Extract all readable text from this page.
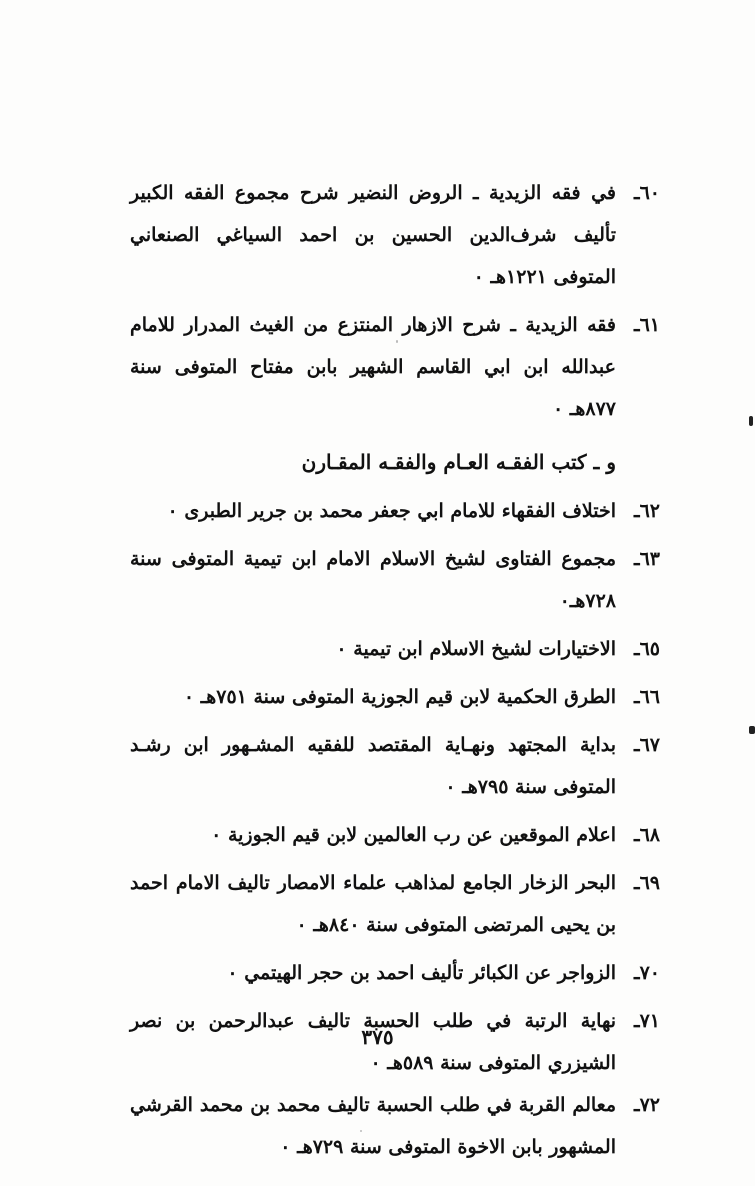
٦٠ـ
في فقه الزيدية ـ الروض النضير شرح مجموع الفقه الكبير تأليف شرف‌الدين الحسين بن احمد السياغي الصنعاني المتوفى ١٢٢١هـ ٠
٦١ـ
فقه الزيدية ـ شرح الازهار المنتزع من الغيث المدرار للامام عبدالله ابن ابي القاسم الشهير بابن مفتاح المتوفى سنة ٨٧٧هـ ٠
و ـ كتب الفقـه العـام والفقـه المقـارن
٦٢ـ
اختلاف الفقهاء للامام ابي جعفر محمد بن جرير الطبرى ٠
٦٣ـ
مجموع الفتاوى لشيخ الاسلام الامام ابن تيمية المتوفى سنة ٧٢٨هـ٠
٦٥ـ
الاختيارات لشيخ الاسلام ابن تيمية ٠
٦٦ـ
الطرق الحكمية لابن قيم الجوزية المتوفى سنة ٧٥١هـ ٠
٦٧ـ
بداية المجتهد ونهـاية المقتصد للفقيه المشـهور ابن رشـد المتوفى سنة ٧٩٥هـ ٠
٦٨ـ
اعلام الموقعين عن رب العالمين لابن قيم الجوزية ٠
٦٩ـ
البحر الزخار الجامع لمذاهب علماء الامصار تاليف الامام احمد بن يحيى المرتضى المتوفى سنة ٨٤٠هـ ٠
٧٠ـ
الزواجر عن الكبائر تأليف احمد بن حجر الهيتمي ٠
٧١ـ
نهاية الرتبة في طلب الحسبة تاليف عبدالرحمن بن نصر الشيزري المتوفى سنة ٥٨٩هـ ٠
٧٢ـ
معالم القربة في طلب الحسبة تاليف محمد بن محمد القرشي المشهور بابن الاخوة المتوفى سنة ٧٢٩هـ ٠
٣٧٥
